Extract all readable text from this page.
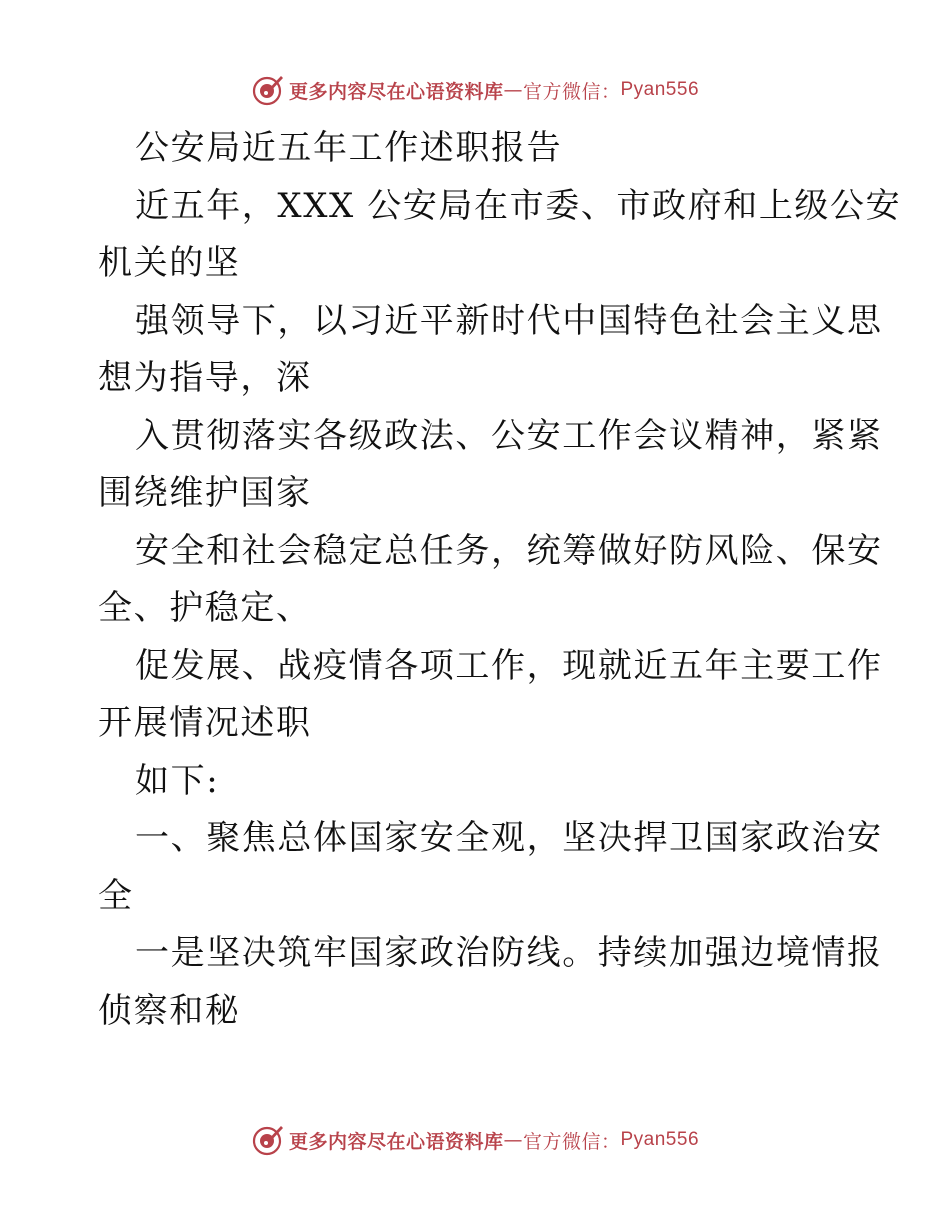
更多内容尽在心语资料库 — 官方微信： Pyan556
公安局近五年工作述职报告
近五年，XXX 公安局在市委、市政府和上级公安
机关的坚
强领导下，以习近平新时代中国特色社会主义思
想为指导，深
入贯彻落实各级政法、公安工作会议精神，紧紧
围绕维护国家
安全和社会稳定总任务，统筹做好防风险、保安
全、护稳定、
促发展、战疫情各项工作，现就近五年主要工作
开展情况述职
如下:
一、聚焦总体国家安全观，坚决捍卫国家政治安
全
一是坚决筑牢国家政治防线。持续加强边境情报
侦察和秘
更多内容尽在心语资料库 — 官方微信： Pyan556
